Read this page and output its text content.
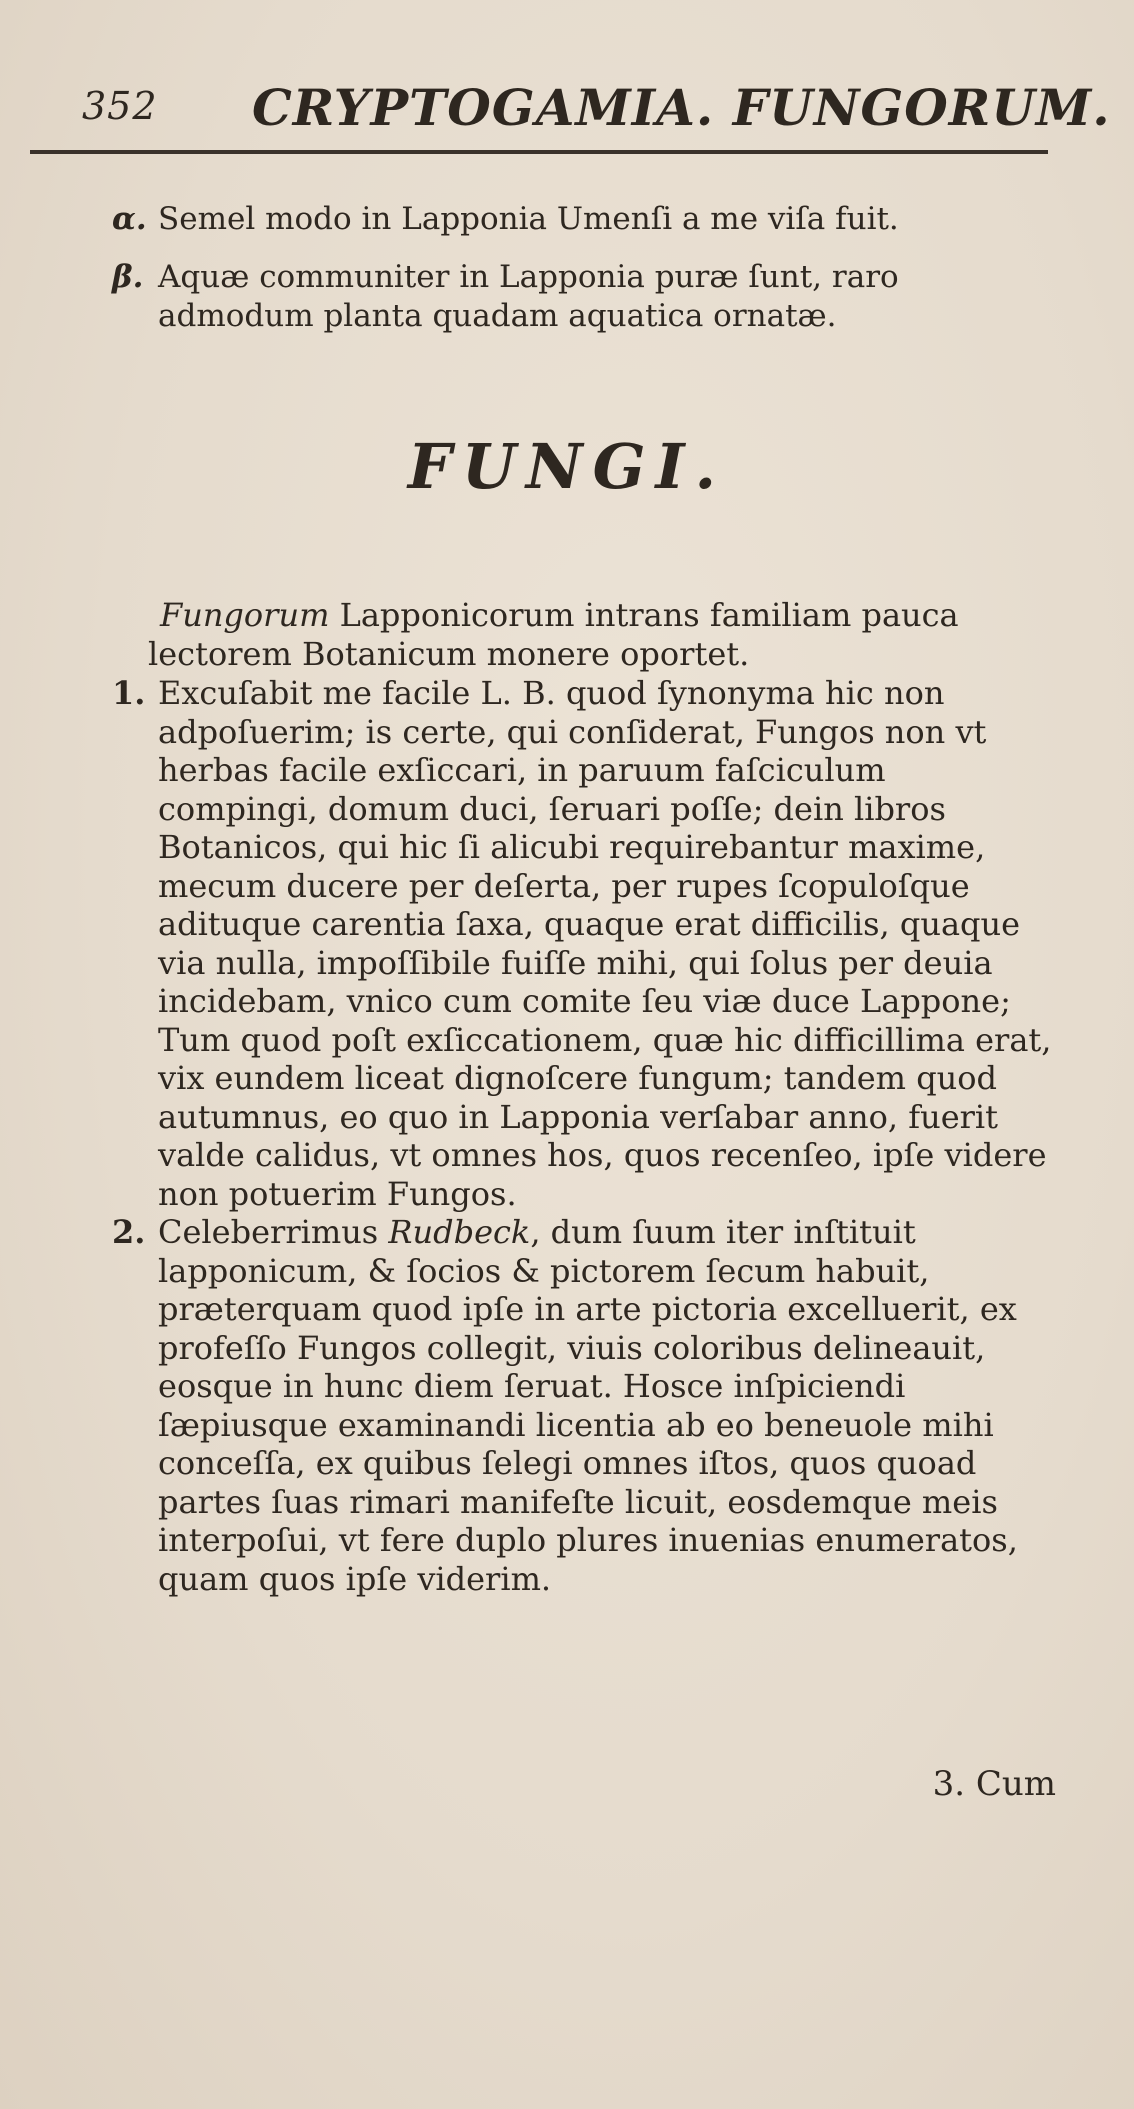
352 CRYPTOGAMIA. FUNGORUM.
α. Semel modo in Lapponia Umenſi a me viſa fuit.
β. Aquæ communiter in Lapponia puræ ſunt, raro
admodum planta quadam aquatica ornatæ.
FUNGI.
Fungorum Lapponicorum intrans familiam pauca lectorem Botanicum monere oportet.

1. Excuſabit me facile L. B. quod ſynonyma hic non adpoſuerim; is certe, qui conſiderat, Fungos non vt herbas facile exſiccari, in paruum faſciculum compingi, domum duci, ſeruari poſſe; dein libros Botanicos, qui hic ſi alicubi requirebantur maxime, mecum ducere per deſerta, per rupes ſcopuloſque adituque carentia ſaxa, quaque erat difficilis, quaque via nulla, impoſſibile fuiſſe mihi, qui ſolus per deuia incidebam, vnico cum comite ſeu viæ duce Lappone; Tum quod poſt exſiccationem, quæ hic difficillima erat, vix eundem liceat dignoſcere fungum; tandem quod autumnus, eo quo in Lapponia verſabar anno, fuerit valde calidus, vt omnes hos, quos recenſeo, ipſe videre non potuerim Fungos.

2. Celeberrimus Rudbeck, dum ſuum iter inſtituit lapponicum, & ſocios & pictorem ſecum habuit, præterquam quod ipſe in arte pictoria excelluerit, ex profeſſo Fungos collegit, viuis coloribus delineauit, eosque in hunc diem ſeruat. Hosce inſpiciendi ſæpiusque examinandi licentia ab eo beneuole mihi conceſſa, ex quibus ſelegi omnes iſtos, quos quoad partes ſuas rimari manifeſte licuit, eosdemque meis interpoſui, vt fere duplo plures inuenias enumeratos, quam quos ipſe viderim.

3. Cum
